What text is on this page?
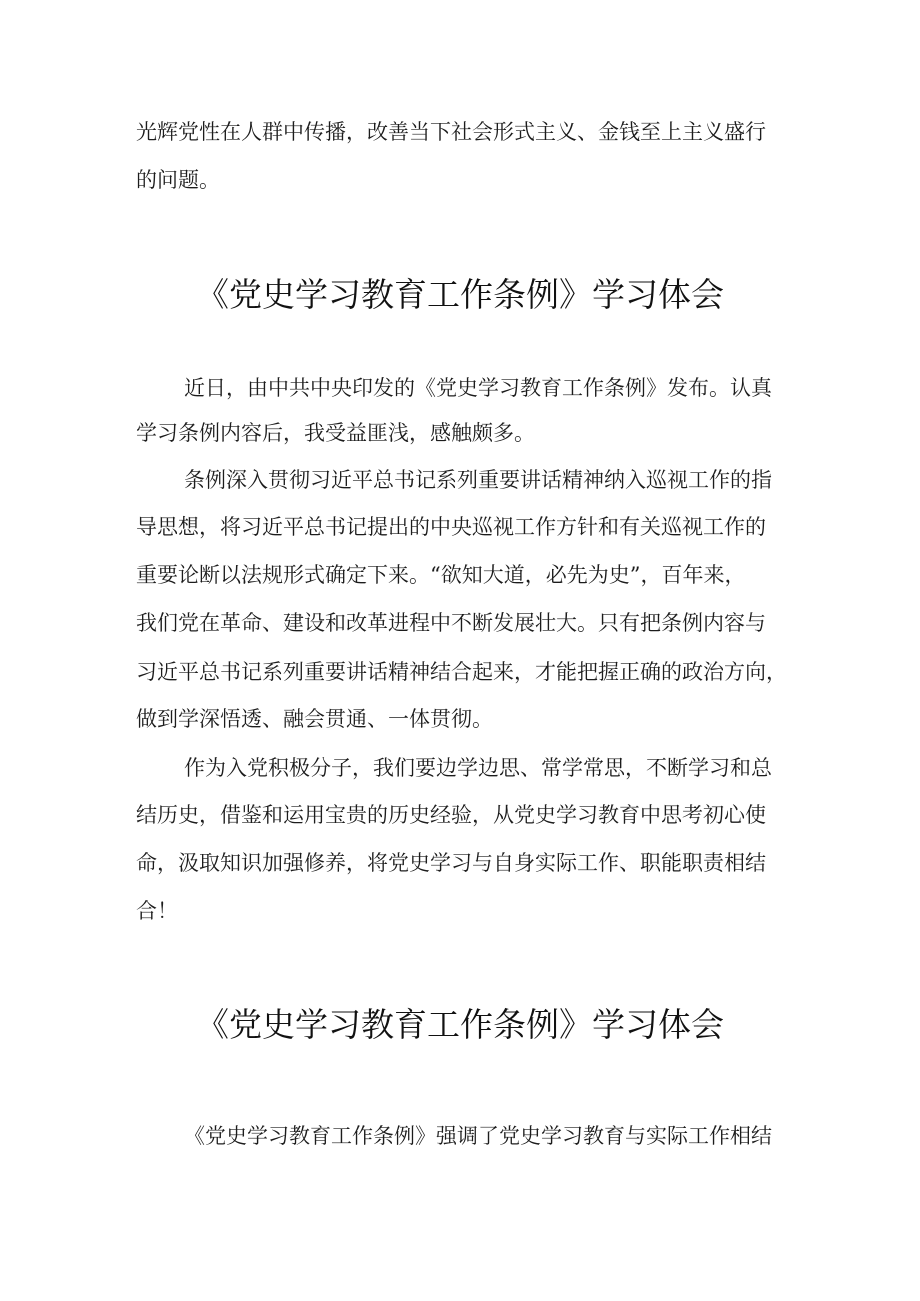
光辉党性在人群中传播，改善当下社会形式主义、金钱至上主义盛行

的问题。

《党史学习教育工作条例》学习体会

近日，由中共中央印发的《党史学习教育工作条例》发布。认真

学习条例内容后，我受益匪浅，感触颇多。

条例深入贯彻习近平总书记系列重要讲话精神纳入巡视工作的指

导思想，将习近平总书记提出的中央巡视工作方针和有关巡视工作的

重要论断以法规形式确定下来。“欲知大道，必先为史”，百年来，

我们党在革命、建设和改革进程中不断发展壮大。只有把条例内容与

习近平总书记系列重要讲话精神结合起来，才能把握正确的政治方向，

做到学深悟透、融会贯通、一体贯彻。

作为入党积极分子，我们要边学边思、常学常思，不断学习和总

结历史，借鉴和运用宝贵的历史经验，从党史学习教育中思考初心使

命，汲取知识加强修养，将党史学习与自身实际工作、职能职责相结

合！

《党史学习教育工作条例》学习体会

《党史学习教育工作条例》强调了党史学习教育与实际工作相结
